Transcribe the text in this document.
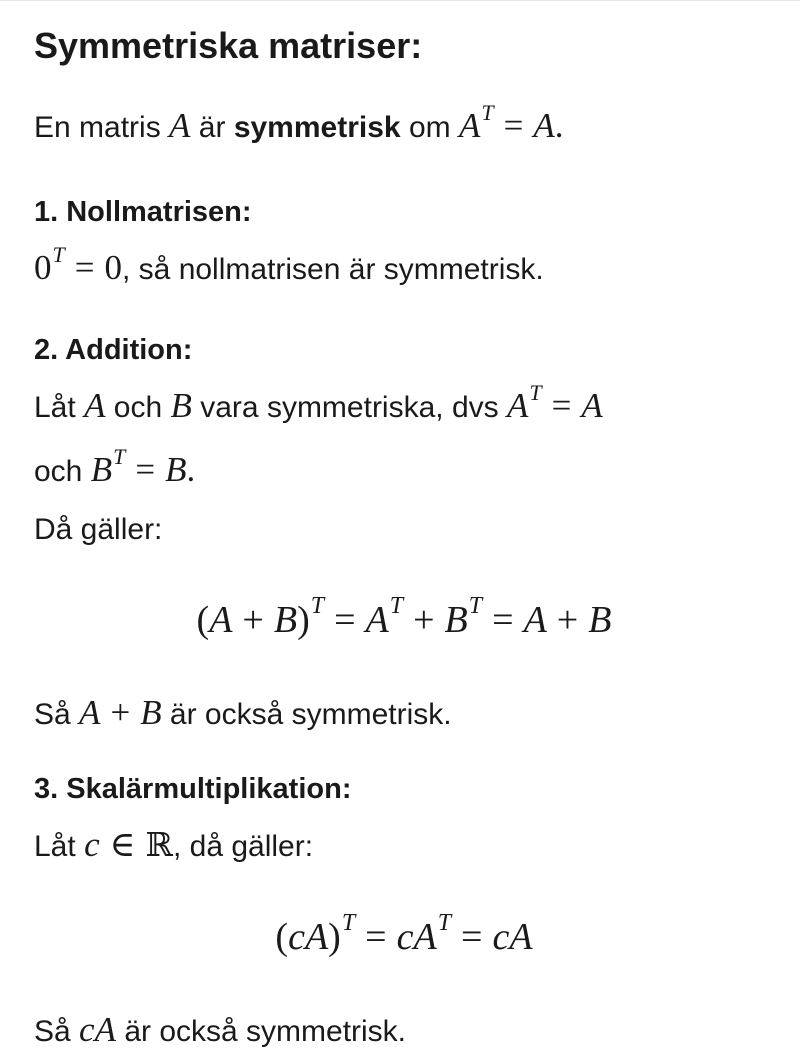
Symmetriska matriser:
En matris A är symmetrisk om $A^T = A$.
1. Nollmatrisen:
$0^T = 0$, så nollmatrisen är symmetrisk.
2. Addition:
Låt A och B vara symmetriska, dvs $A^T = A$
och $B^T = B$.
Då gäller:
$(A + B)^T = A^T + B^T = A + B$
Så A + B är också symmetrisk.
3. Skalärmultiplikation:
Låt c ∈ ℝ, då gäller:
$(cA)^T = cA^T$ = cA
Så cA är också symmetrisk.
